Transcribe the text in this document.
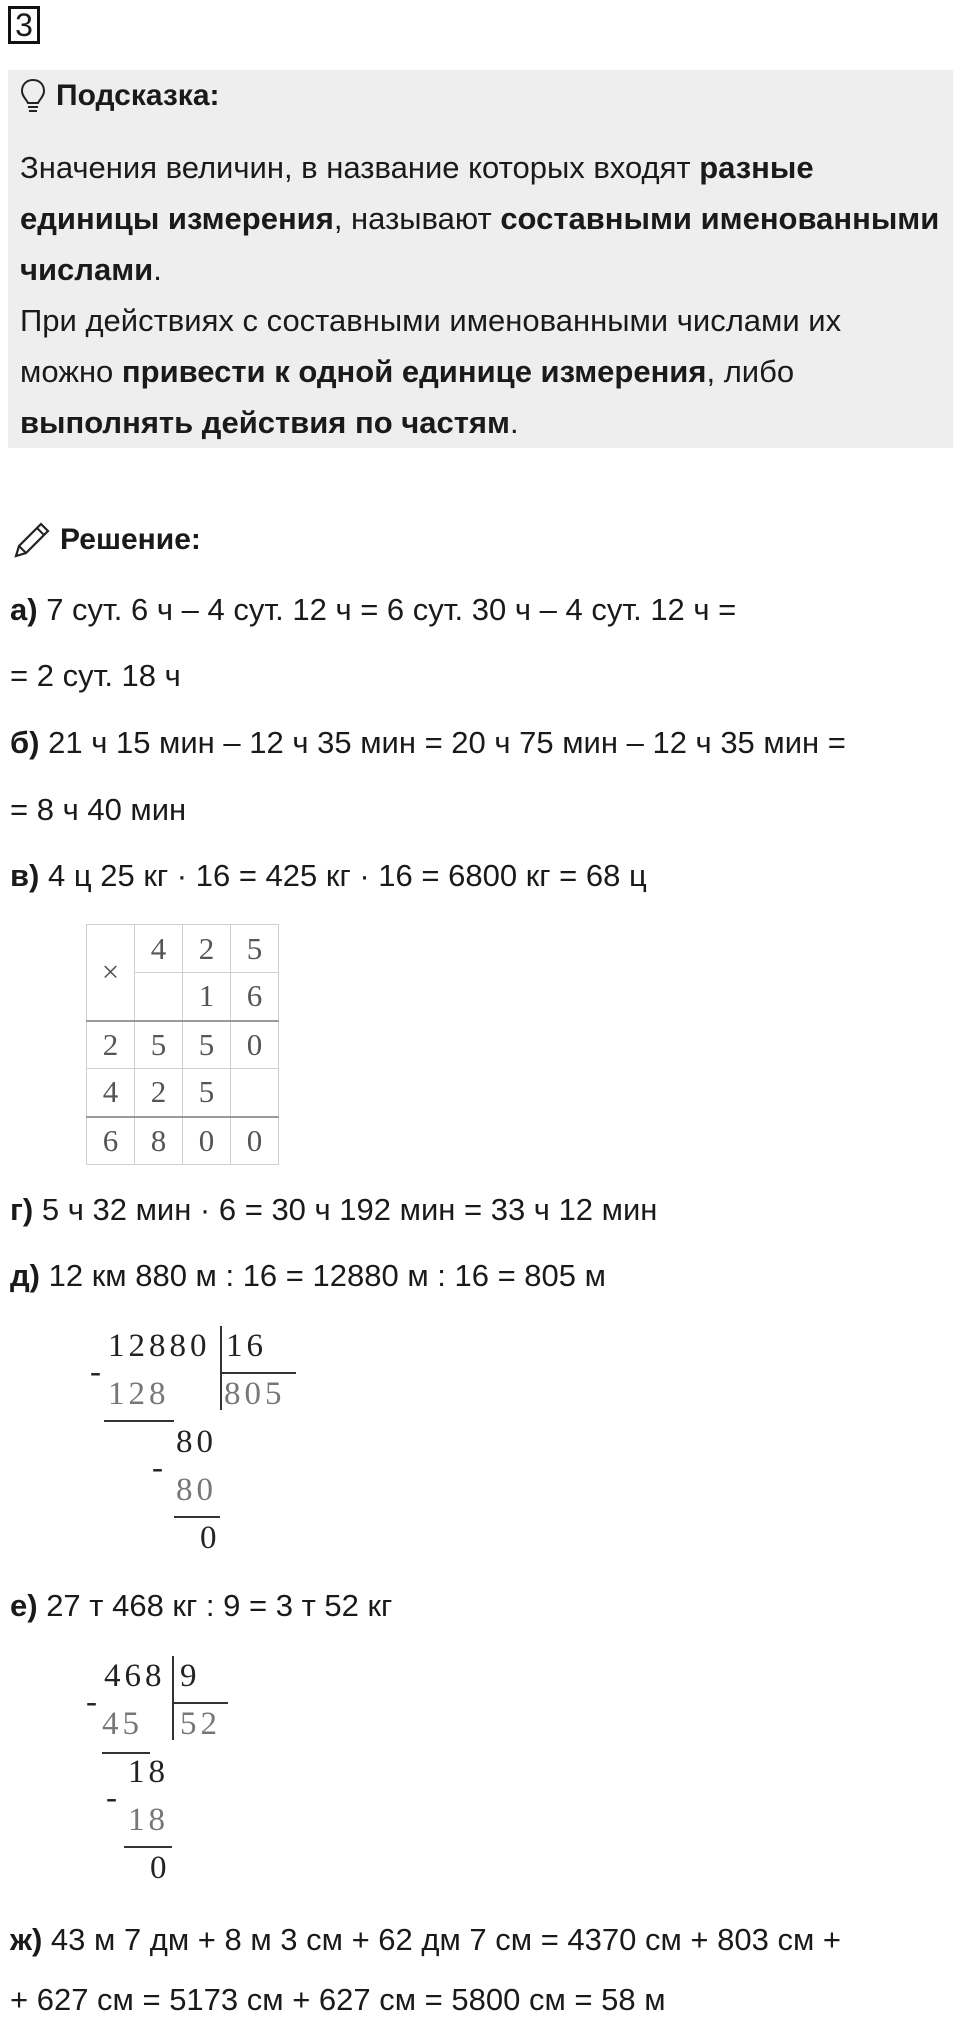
3
Подсказка:
Значения величин, в название которых входят разные единицы измерения, называют составными именованными числами.
При действиях с составными именованными числами их можно привести к одной единице измерения, либо выполнять действия по частям.
Решение:
а) 7 сут. 6 ч – 4 сут. 12 ч = 6 сут. 30 ч – 4 сут. 12 ч =
= 2 сут. 18 ч
б) 21 ч 15 мин – 12 ч 35 мин = 20 ч 75 мин – 12 ч 35 мин =
= 8 ч 40 мин
в) 4 ц 25 кг · 16 = 425 кг · 16 = 6800 кг = 68 ц
×	4	2	5
		1	6
2	5	5	0
4	2	5	
6	8	0	0
г) 5 ч 32 мин · 6 = 30 ч 192 мин = 33 ч 12 мин
д) 12 км 880 м : 16 = 12880 м : 16 = 805 м
12880 16
-
128 805
80
-
80
0
е) 27 т 468 кг : 9 = 3 т 52 кг
468 9
-
45 52
18
-
18
0
ж) 43 м 7 дм + 8 м 3 см + 62 дм 7 см = 4370 см + 803 см +
+ 627 см = 5173 см + 627 см = 5800 см = 58 м
